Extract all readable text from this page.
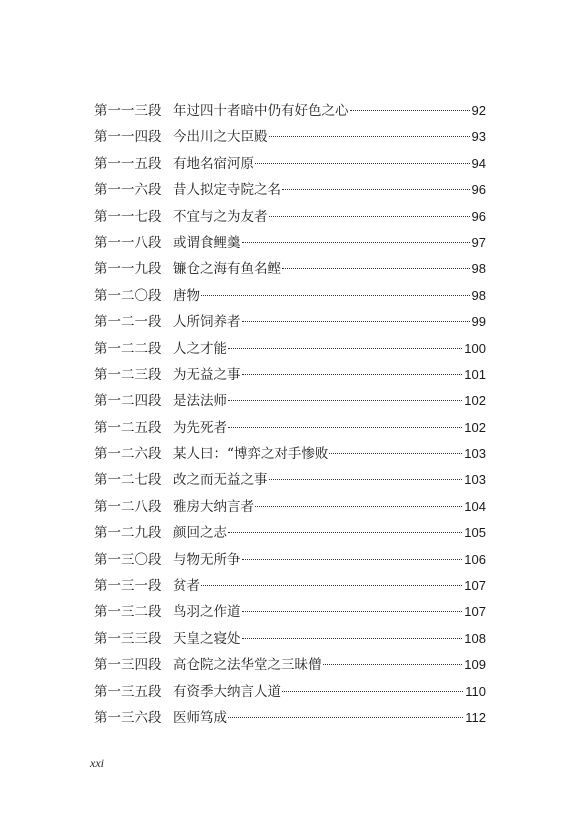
第一一三段 年过四十者暗中仍有好色之心	92
第一一四段 今出川之大臣殿	93
第一一五段 有地名宿河原	94
第一一六段 昔人拟定寺院之名	96
第一一七段 不宜与之为友者	96
第一一八段 或谓食鲤羹	97
第一一九段 镰仓之海有鱼名鲣	98
第一二〇段 唐物	98
第一二一段 人所饲养者	99
第一二二段 人之才能	100
第一二三段 为无益之事	101
第一二四段 是法法师	102
第一二五段 为先死者	102
第一二六段 某人曰：“博弈之对手惨败	103
第一二七段 改之而无益之事	103
第一二八段 雅房大纳言者	104
第一二九段 颜回之志	105
第一三〇段 与物无所争	106
第一三一段 贫者	107
第一三二段 鸟羽之作道	107
第一三三段 天皇之寝处	108
第一三四段 高仓院之法华堂之三昧僧	109
第一三五段 有资季大纳言人道	110
第一三六段 医师笃成	112
xxi
